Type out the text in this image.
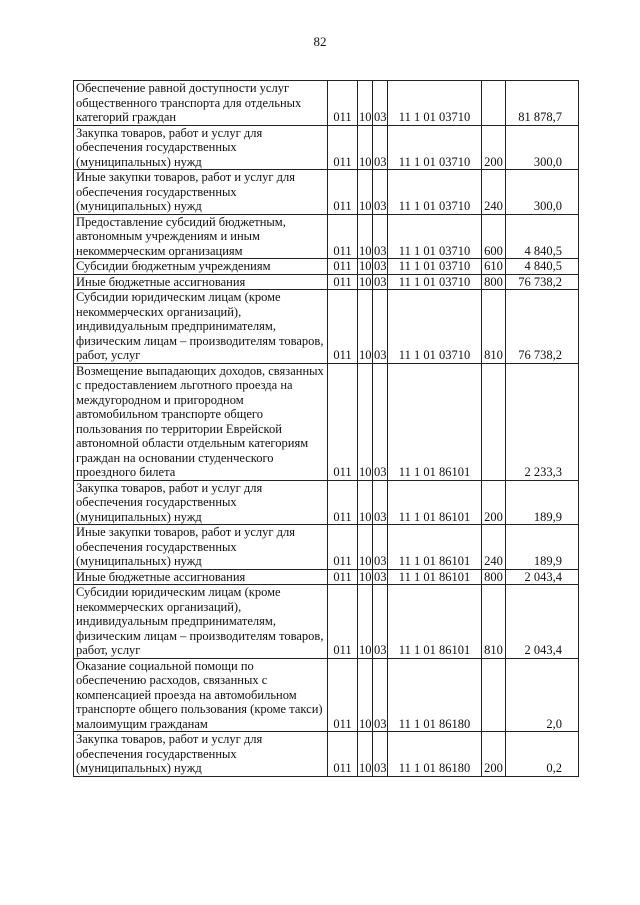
82
Обеспечение равной доступности услуг общественного транспорта для отдельных категорий граждан	011	10	03	11 1 01 03710		81 878,7
Закупка товаров, работ и услуг для обеспечения государственных (муниципальных) нужд	011	10	03	11 1 01 03710	200	300,0
Иные закупки товаров, работ и услуг для обеспечения государственных (муниципальных) нужд	011	10	03	11 1 01 03710	240	300,0
Предоставление субсидий бюджетным, автономным учреждениям и иным некоммерческим организациям	011	10	03	11 1 01 03710	600	4 840,5
Субсидии бюджетным учреждениям	011	10	03	11 1 01 03710	610	4 840,5
Иные бюджетные ассигнования	011	10	03	11 1 01 03710	800	76 738,2
Субсидии юридическим лицам (кроме некоммерческих организаций), индивидуальным предпринимателям, физическим лицам – производителям товаров, работ, услуг	011	10	03	11 1 01 03710	810	76 738,2
Возмещение выпадающих доходов, связанных с предоставлением льготного проезда на междугородном и пригородном автомобильном транспорте общего пользования по территории Еврейской автономной области отдельным категориям граждан на основании студенческого проездного билета	011	10	03	11 1 01 86101		2 233,3
Закупка товаров, работ и услуг для обеспечения государственных (муниципальных) нужд	011	10	03	11 1 01 86101	200	189,9
Иные закупки товаров, работ и услуг для обеспечения государственных (муниципальных) нужд	011	10	03	11 1 01 86101	240	189,9
Иные бюджетные ассигнования	011	10	03	11 1 01 86101	800	2 043,4
Субсидии юридическим лицам (кроме некоммерческих организаций), индивидуальным предпринимателям, физическим лицам – производителям товаров, работ, услуг	011	10	03	11 1 01 86101	810	2 043,4
Оказание социальной помощи по обеспечению расходов, связанных с компенсацией проезда на автомобильном транспорте общего пользования (кроме такси) малоимущим гражданам	011	10	03	11 1 01 86180		2,0
Закупка товаров, работ и услуг для обеспечения государственных (муниципальных) нужд	011	10	03	11 1 01 86180	200	0,2
